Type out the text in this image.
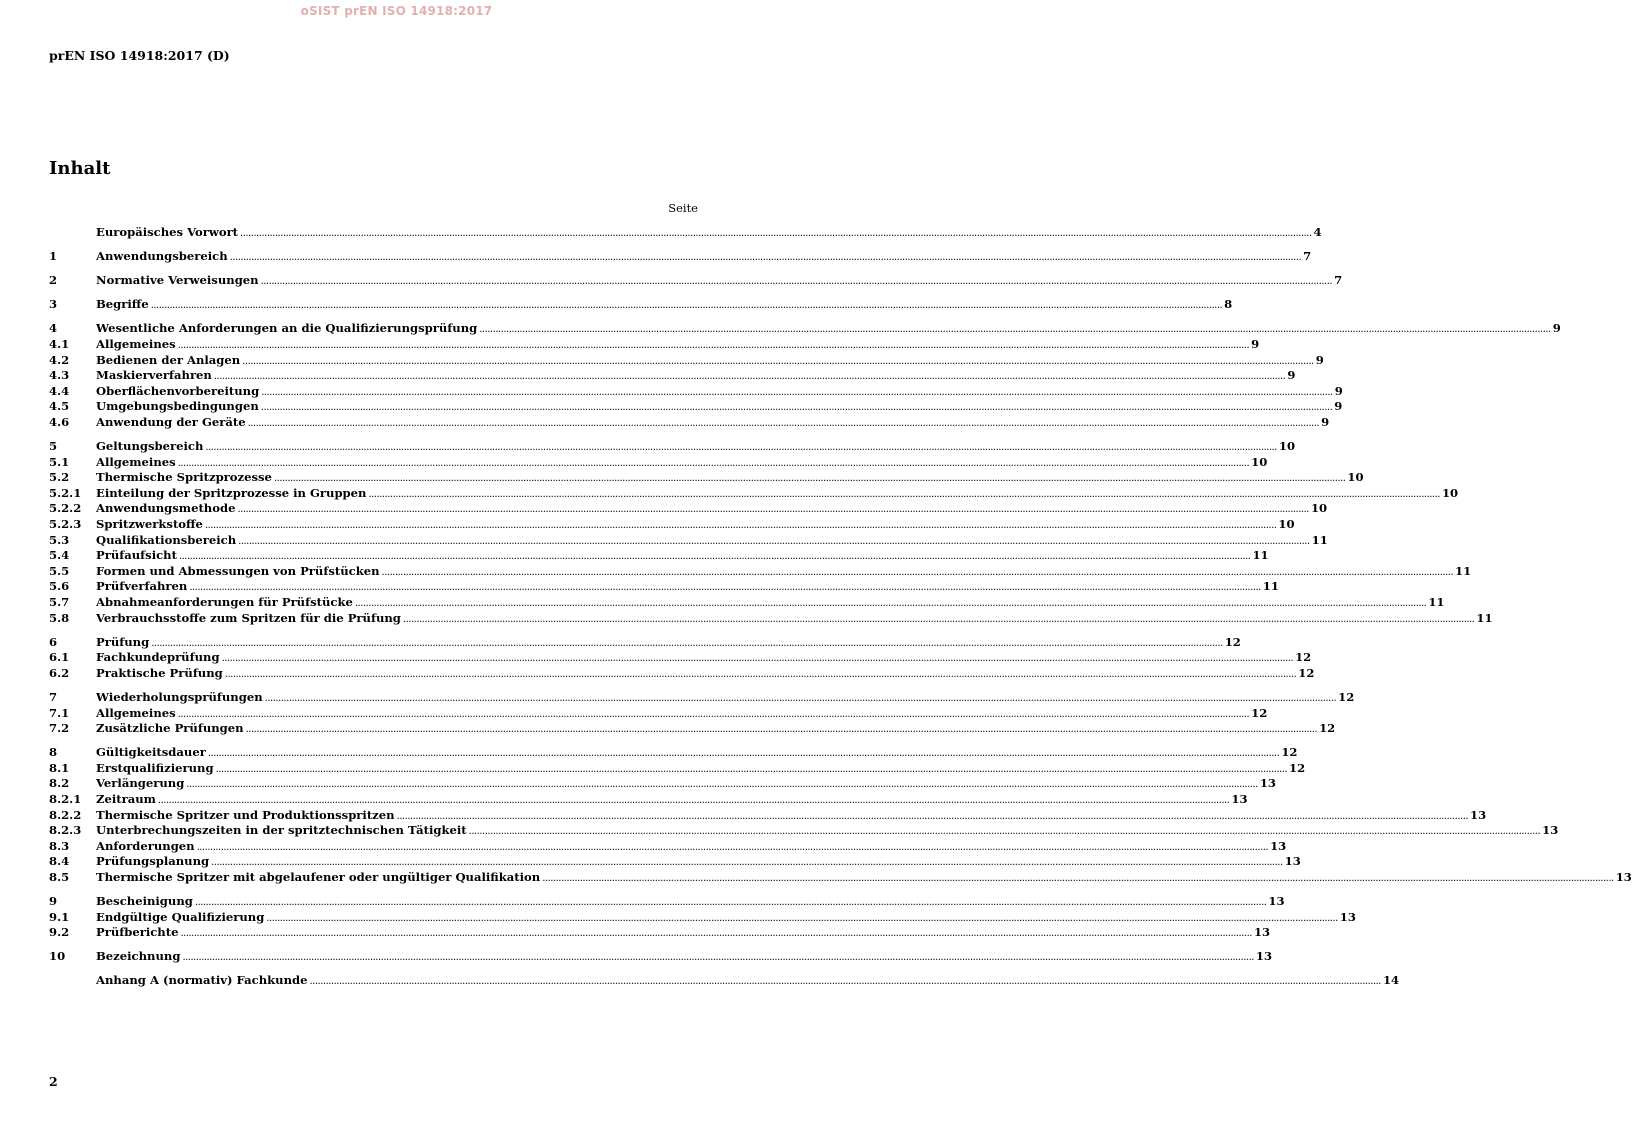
oSIST prEN ISO 14918:2017
prEN ISO 14918:2017 (D)
Inhalt
Seite
Europäisches Vorwort ................................................................................................................................................................................................................................................................................................................................................................................................................ 4
1	Anwendungsbereich ................................................................................................................................................................................................................................................................................................................................................................................................................ 7
2	Normative Verweisungen ................................................................................................................................................................................................................................................................................................................................................................................................................ 7
3	Begriffe ................................................................................................................................................................................................................................................................................................................................................................................................................ 8
4	Wesentliche Anforderungen an die Qualifizierungsprüfung ................................................................................................................................................................................................................................................................................................................................................................................................................ 9
4.1	Allgemeines ................................................................................................................................................................................................................................................................................................................................................................................................................ 9
4.2	Bedienen der Anlagen ................................................................................................................................................................................................................................................................................................................................................................................................................ 9
4.3	Maskierverfahren ................................................................................................................................................................................................................................................................................................................................................................................................................ 9
4.4	Oberflächenvorbereitung ................................................................................................................................................................................................................................................................................................................................................................................................................ 9
4.5	Umgebungsbedingungen ................................................................................................................................................................................................................................................................................................................................................................................................................ 9
4.6	Anwendung der Geräte ................................................................................................................................................................................................................................................................................................................................................................................................................ 9
5	Geltungsbereich ................................................................................................................................................................................................................................................................................................................................................................................................................ 10
5.1	Allgemeines ................................................................................................................................................................................................................................................................................................................................................................................................................ 10
5.2	Thermische Spritzprozesse ................................................................................................................................................................................................................................................................................................................................................................................................................ 10
5.2.1	Einteilung der Spritzprozesse in Gruppen ................................................................................................................................................................................................................................................................................................................................................................................................................ 10
5.2.2	Anwendungsmethode ................................................................................................................................................................................................................................................................................................................................................................................................................ 10
5.2.3	Spritzwerkstoffe ................................................................................................................................................................................................................................................................................................................................................................................................................ 10
5.3	Qualifikationsbereich ................................................................................................................................................................................................................................................................................................................................................................................................................ 11
5.4	Prüfaufsicht ................................................................................................................................................................................................................................................................................................................................................................................................................ 11
5.5	Formen und Abmessungen von Prüfstücken ................................................................................................................................................................................................................................................................................................................................................................................................................ 11
5.6	Prüfverfahren ................................................................................................................................................................................................................................................................................................................................................................................................................ 11
5.7	Abnahmeanforderungen für Prüfstücke ................................................................................................................................................................................................................................................................................................................................................................................................................ 11
5.8	Verbrauchsstoffe zum Spritzen für die Prüfung ................................................................................................................................................................................................................................................................................................................................................................................................................ 11
6	Prüfung ................................................................................................................................................................................................................................................................................................................................................................................................................ 12
6.1	Fachkundeprüfung ................................................................................................................................................................................................................................................................................................................................................................................................................ 12
6.2	Praktische Prüfung ................................................................................................................................................................................................................................................................................................................................................................................................................ 12
7	Wiederholungsprüfungen ................................................................................................................................................................................................................................................................................................................................................................................................................ 12
7.1	Allgemeines ................................................................................................................................................................................................................................................................................................................................................................................................................ 12
7.2	Zusätzliche Prüfungen ................................................................................................................................................................................................................................................................................................................................................................................................................ 12
8	Gültigkeitsdauer ................................................................................................................................................................................................................................................................................................................................................................................................................ 12
8.1	Erstqualifizierung ................................................................................................................................................................................................................................................................................................................................................................................................................ 12
8.2	Verlängerung ................................................................................................................................................................................................................................................................................................................................................................................................................ 13
8.2.1	Zeitraum ................................................................................................................................................................................................................................................................................................................................................................................................................ 13
8.2.2	Thermische Spritzer und Produktionsspritzen ................................................................................................................................................................................................................................................................................................................................................................................................................ 13
8.2.3	Unterbrechungszeiten in der spritztechnischen Tätigkeit ................................................................................................................................................................................................................................................................................................................................................................................................................ 13
8.3	Anforderungen ................................................................................................................................................................................................................................................................................................................................................................................................................ 13
8.4	Prüfungsplanung ................................................................................................................................................................................................................................................................................................................................................................................................................ 13
8.5	Thermische Spritzer mit abgelaufener oder ungültiger Qualifikation ................................................................................................................................................................................................................................................................................................................................................................................................................ 13
9	Bescheinigung ................................................................................................................................................................................................................................................................................................................................................................................................................ 13
9.1	Endgültige Qualifizierung ................................................................................................................................................................................................................................................................................................................................................................................................................ 13
9.2	Prüfberichte ................................................................................................................................................................................................................................................................................................................................................................................................................ 13
10	Bezeichnung ................................................................................................................................................................................................................................................................................................................................................................................................................ 13
Anhang A (normativ) Fachkunde ................................................................................................................................................................................................................................................................................................................................................................................................................ 14
2
